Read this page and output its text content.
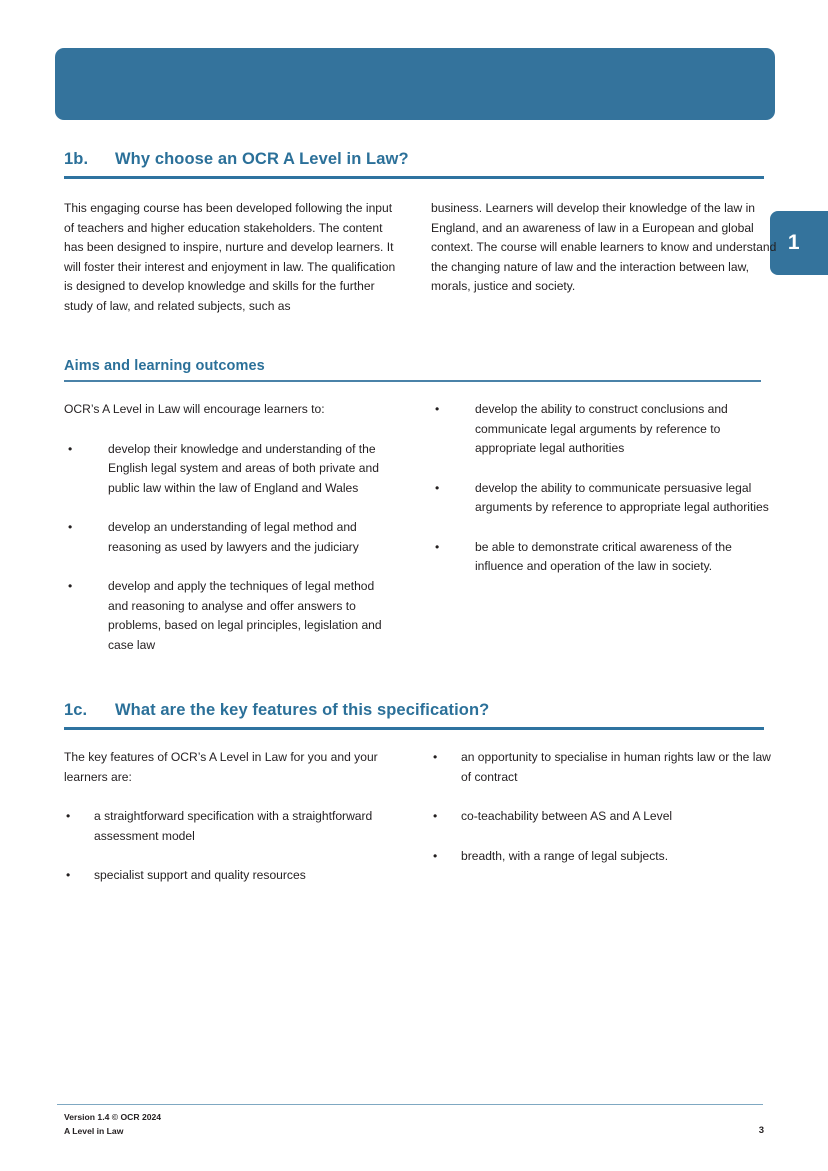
1
1b.	Why choose an OCR A Level in Law?

This engaging course has been developed following the input of teachers and higher education stakeholders. The content has been designed to inspire, nurture and develop learners. It will foster their interest and enjoyment in law. The qualification is designed to develop knowledge and skills for the further study of law, and related subjects, such as

business. Learners will develop their knowledge of the law in England, and an awareness of law in a European and global context. The course will enable learners to know and understand the changing nature of law and the interaction between law, morals, justice and society.

Aims and learning outcomes

OCR’s A Level in Law will encourage learners to:

•	develop their knowledge and understanding of the English legal system and areas of both private and public law within the law of England and Wales
•	develop an understanding of legal method and reasoning as used by lawyers and the judiciary
•	develop and apply the techniques of legal method and reasoning to analyse and offer answers to problems, based on legal principles, legislation and case law
•	develop the ability to construct conclusions and communicate legal arguments by reference to appropriate legal authorities
•	develop the ability to communicate persuasive legal arguments by reference to appropriate legal authorities
•	be able to demonstrate critical awareness of the influence and operation of the law in society.
1c.	What are the key features of this specification?

The key features of OCR’s A Level in Law for you and your learners are:

•	a straightforward specification with a straightforward assessment model
•	specialist support and quality resources
•	an opportunity to specialise in human rights law or the law of contract
•	co-teachability between AS and A Level
•	breadth, with a range of legal subjects.
Version 1.4 © OCR 2024
A Level in Law	3
